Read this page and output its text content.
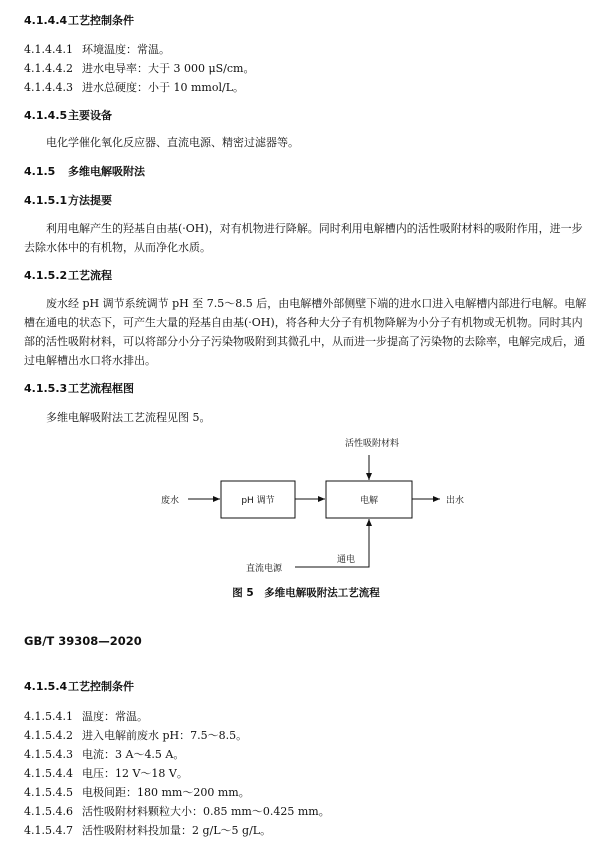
4.1.4.4工艺控制条件
4.1.4.4.1 环境温度：常温。
4.1.4.4.2 进水电导率：大于 3 000 μS/cm。
4.1.4.4.3 进水总硬度：小于 10 mmol/L。
4.1.4.5主要设备
电化学催化氧化反应器、直流电源、精密过滤器等。
4.1.5 多维电解吸附法
4.1.5.1方法提要
利用电解产生的羟基自由基(·OH)，对有机物进行降解。同时利用电解槽内的活性吸附材料的吸附作用，进一步去除水体中的有机物，从而净化水质。
4.1.5.2工艺流程
废水经 pH 调节系统调节 pH 至 7.5～8.5 后，由电解槽外部侧壁下端的进水口进入电解槽内部进行电解。电解槽在通电的状态下，可产生大量的羟基自由基(·OH)，将各种大分子有机物降解为小分子有机物或无机物。同时其内部的活性吸附材料，可以将部分小分子污染物吸附到其微孔中，从而进一步提高了污染物的去除率，电解完成后，通过电解槽出水口将水排出。
4.1.5.3工艺流程框图
多维电解吸附法工艺流程见图 5。
废水	pH 调节	电解	出水
活性吸附材料
通电
直流电源
图 5　多维电解吸附法工艺流程
GB/T 39308—2020
4.1.5.4工艺控制条件
4.1.5.4.1 温度：常温。
4.1.5.4.2 进入电解前废水 pH：7.5～8.5。
4.1.5.4.3 电流：3 A～4.5 A。
4.1.5.4.4 电压：12 V～18 V。
4.1.5.4.5 电极间距：180 mm～200 mm。
4.1.5.4.6 活性吸附材料颗粒大小：0.85 mm～0.425 mm。
4.1.5.4.7 活性吸附材料投加量：2 g/L～5 g/L。
